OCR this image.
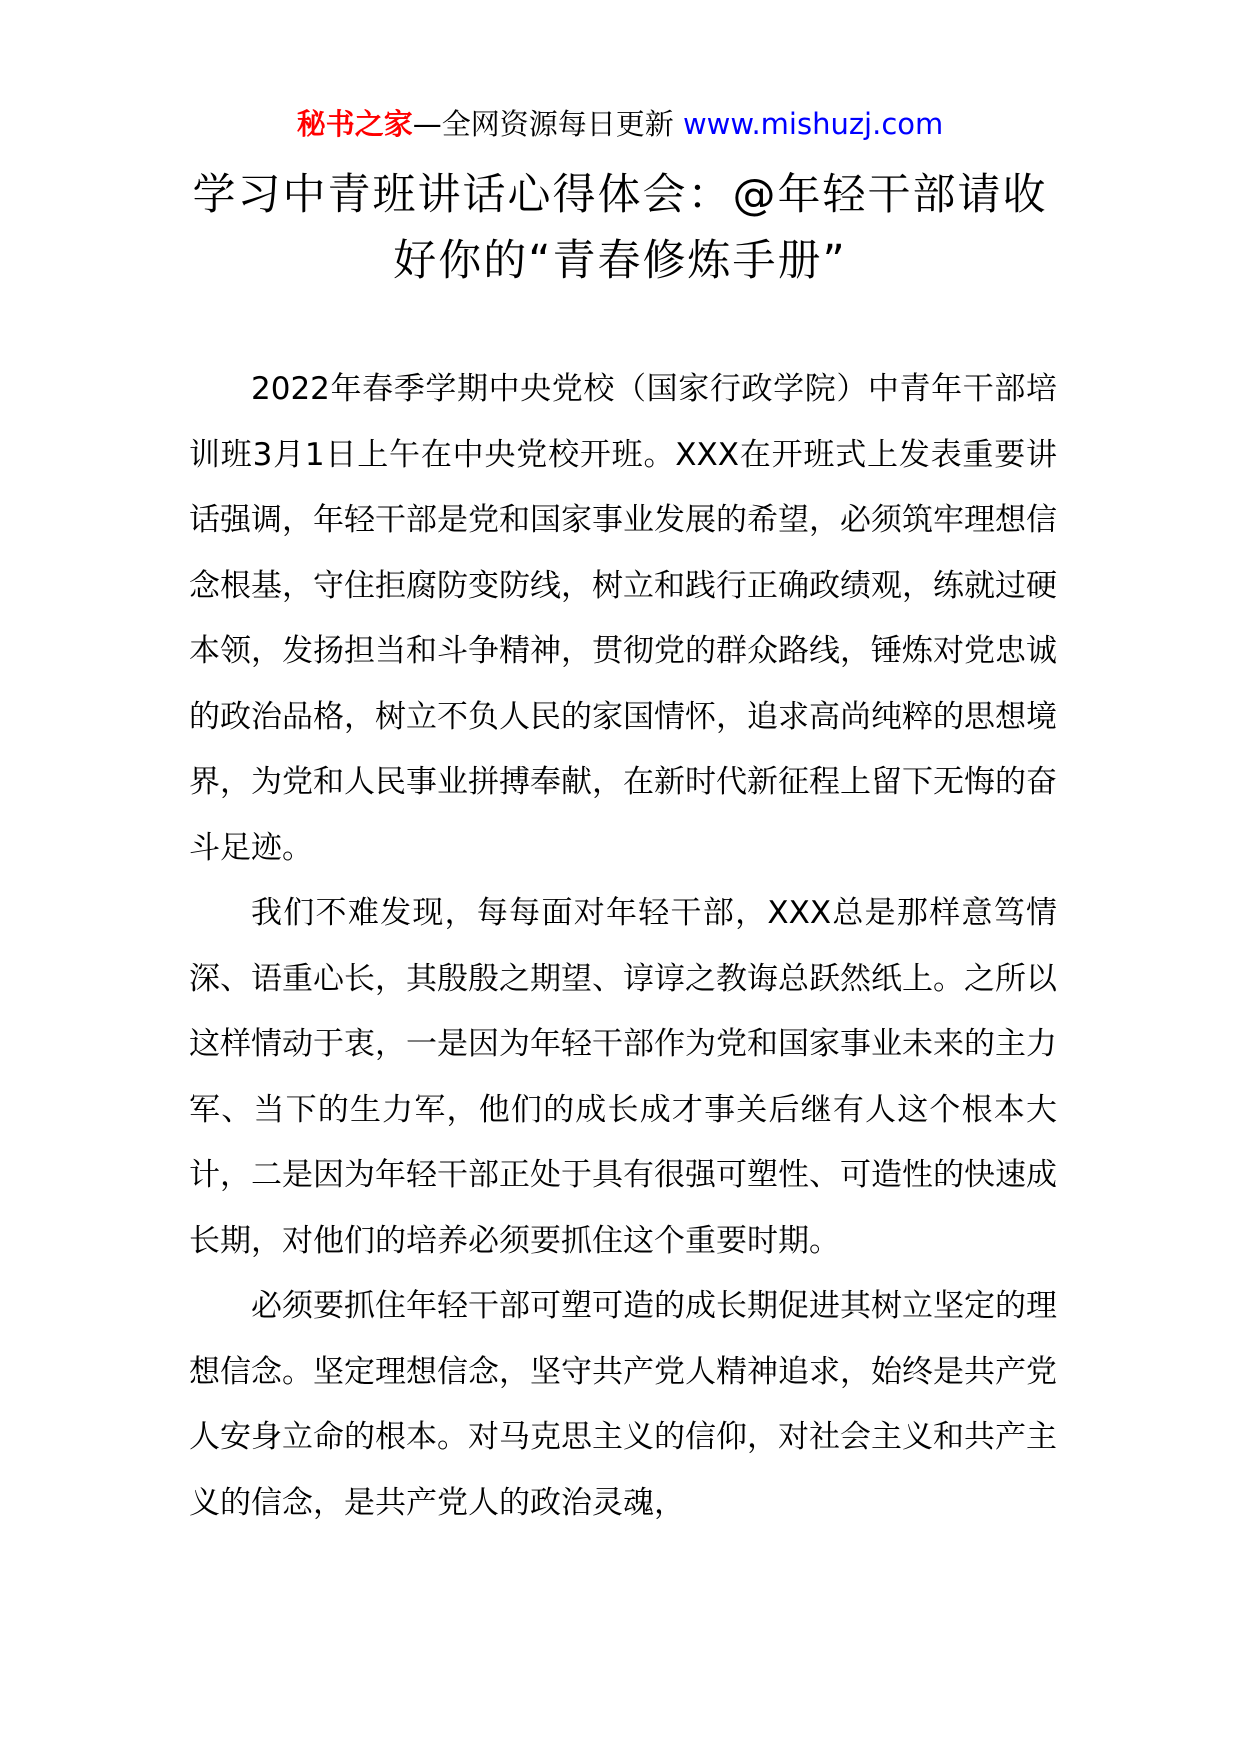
秘书之家—全网资源每日更新 www.mishuzj.com
学习中青班讲话心得体会：@年轻干部请收
好你的“青春修炼手册”

2022年春季学期中央党校（国家行政学院）中青年干部培训班3月1日上午在中央党校开班。XXX在开班式上发表重要讲话强调，年轻干部是党和国家事业发展的希望，必须筑牢理想信念根基，守住拒腐防变防线，树立和践行正确政绩观，练就过硬本领，发扬担当和斗争精神，贯彻党的群众路线，锤炼对党忠诚的政治品格，树立不负人民的家国情怀，追求高尚纯粹的思想境界，为党和人民事业拼搏奉献，在新时代新征程上留下无悔的奋斗足迹。

我们不难发现，每每面对年轻干部，XXX总是那样意笃情深、语重心长，其殷殷之期望、谆谆之教诲总跃然纸上。之所以这样情动于衷，一是因为年轻干部作为党和国家事业未来的主力军、当下的生力军，他们的成长成才事关后继有人这个根本大计，二是因为年轻干部正处于具有很强可塑性、可造性的快速成长期，对他们的培养必须要抓住这个重要时期。

必须要抓住年轻干部可塑可造的成长期促进其树立坚定的理想信念。坚定理想信念，坚守共产党人精神追求，始终是共产党人安身立命的根本。对马克思主义的信仰，对社会主义和共产主义的信念，是共产党人的政治灵魂，
